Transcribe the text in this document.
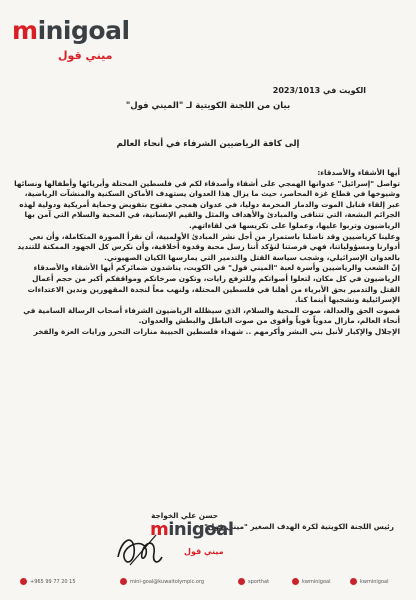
minigoal
ميني قول
الكويت في 2023/1013
بيان من اللجنة الكويتية لـ "الميني فول"
إلى كافة الرياضيين الشرفاء في أنحاء العالم

أيها الأشقاء والأصدقاء:

تواصل "إسرائيل" عدوانها الهمجي على أشقاء وأصدقاء لكم في فلسطين المحتلة وأبريائها وأطفالها ونسائها وشيوخها في قطاع غزة المحاصر، حيث ما يزال هذا العدوان يستهدف الأماكن السكنية والمنشآت الرياضية، عبر إلقاء قنابل الموت والدمار المحرمة دوليا، في عدوان همجي مفتوح بتفويض وحماية أمريكية ودولية لهذه الجرائم البشعة، التي تتنافى والمبادئ والأهداف والمثل والقيم الإنسانية، في المحبة والسلام التي آمن بها الرياضيون وتربوا عليها، وعملوا على تكريسها في لقاءاتهم.

وعلينا كرياضيين وقد ناضلنا باستمرار من أجل نشر المبادئ الأولمبية، أن نقرأ الصورة المتكاملة، وأن نعي أدوارنا ومسؤولياتنا، فهي فرصتنا لنؤكد أننا رسل محبة وقدوة أخلاقية، وأن نكرس كل الجهود الممكنة للتنديد بالعدوان الإسرائيلي، وشجب سياسة القتل والتدمير التي يمارسها الكيان الصهيوني.

إنّ الشعب والرياضيين وأسرة لعبة "الميني فول" في الكويت، يناشدون ضمائركم أيها الأشقاء والأصدقاء الرياضيون في كل مكان، لتعلوا أصواتكم وللترفع رايات، وتكون صرخاتكم ومواقفكم أكبر من حجم أعمال القتل والتدمير بحق الأبرياء من أهلنا في فلسطين المحتلة، ولنهب معاً لنجدة المقهورين وندين الاعتداءات الإسرائيلية ونشجبها أينما كنا.

فصوت الحق والعدالة، صوت المحبة والسلام، الذي سيظلله الرياضيون الشرفاء أصحاب الرسالة السامية في أنحاء العالم، مازال مدوياً قوياً وأقوى من صوت الباطل والبطش والعدوان.

الإجلال والإكبار لأنبل بني البشر وأكرمهم .. شهداء فلسطين الحبيبة منارات التحرر ورايات العزة والفخر

حسن علي الخواجة
رئيس اللجنة الكويتية لكرة الهدف الصغير "ميني قول"
minigoal
ميني قول
+965 99 77 20 15	mini-goal@kuwaitolympic.org	sporthat	kwminigoal	kwminigoal
